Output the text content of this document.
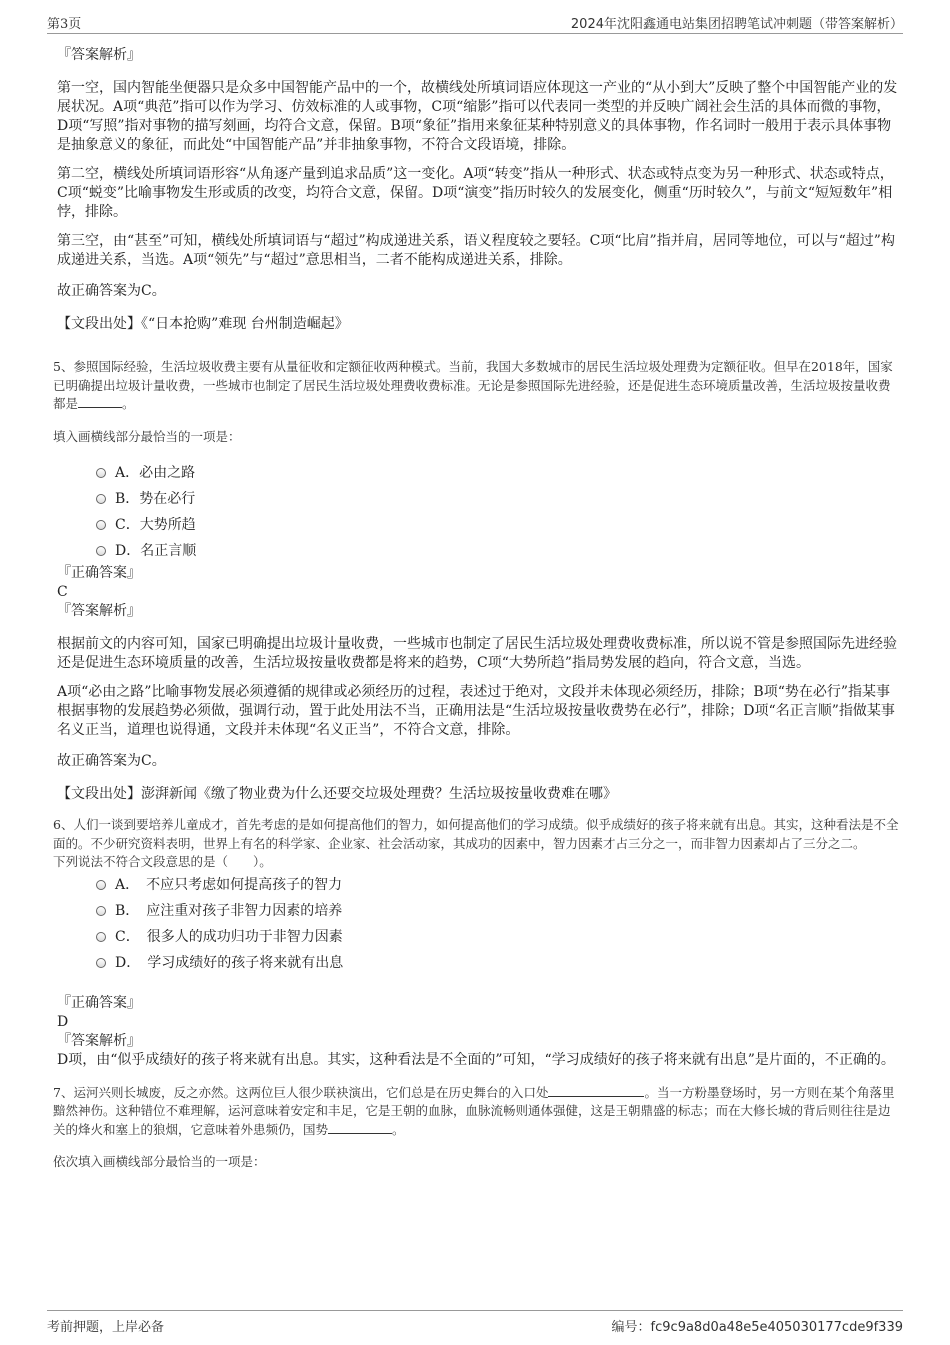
第3页	2024年沈阳鑫通电站集团招聘笔试冲刺题（带答案解析）

『答案解析』

第一空，国内智能坐便器只是众多中国智能产品中的一个，故横线处所填词语应体现这一产业的“从小到大”反映了整个中国智能产业的发展状况。A项“典范”指可以作为学习、仿效标准的人或事物，C项“缩影”指可以代表同一类型的并反映广阔社会生活的具体而微的事物，D项“写照”指对事物的描写刻画，均符合文意，保留。B项“象征”指用来象征某种特别意义的具体事物，作名词时一般用于表示具体事物是抽象意义的象征，而此处“中国智能产品”并非抽象事物，不符合文段语境，排除。

第二空，横线处所填词语形容“从角逐产量到追求品质”这一变化。A项“转变”指从一种形式、状态或特点变为另一种形式、状态或特点，C项“蜕变”比喻事物发生形或质的改变，均符合文意，保留。D项“演变”指历时较久的发展变化，侧重“历时较久”，与前文“短短数年”相悖，排除。

第三空，由“甚至”可知，横线处所填词语与“超过”构成递进关系，语义程度较之要轻。C项“比肩”指并肩，居同等地位，可以与“超过”构成递进关系，当选。A项“领先”与“超过”意思相当，二者不能构成递进关系，排除。

故正确答案为C。

【文段出处】《“日本抢购”难现 台州制造崛起》

5、参照国际经验，生活垃圾收费主要有从量征收和定额征收两种模式。当前，我国大多数城市的居民生活垃圾处理费为定额征收。但早在2018年，国家已明确提出垃圾计量收费，一些城市也制定了居民生活垃圾处理费收费标准。无论是参照国际先进经验，还是促进生态环境质量改善，生活垃圾按量收费都是	。

填入画横线部分最恰当的一项是：

A．必由之路
B．势在必行
C．大势所趋
D．名正言顺

『正确答案』

C

『答案解析』

根据前文的内容可知，国家已明确提出垃圾计量收费，一些城市也制定了居民生活垃圾处理费收费标准，所以说不管是参照国际先进经验还是促进生态环境质量的改善，生活垃圾按量收费都是将来的趋势，C项“大势所趋”指局势发展的趋向，符合文意，当选。

A项“必由之路”比喻事物发展必须遵循的规律或必须经历的过程，表述过于绝对，文段并未体现必须经历，排除；B项“势在必行”指某事根据事物的发展趋势必须做，强调行动，置于此处用法不当，正确用法是“生活垃圾按量收费势在必行”，排除；D项“名正言顺”指做某事名义正当，道理也说得通，文段并未体现“名义正当”，不符合文意，排除。

故正确答案为C。

【文段出处】澎湃新闻《缴了物业费为什么还要交垃圾处理费？生活垃圾按量收费难在哪》

6、人们一谈到要培养儿童成才，首先考虑的是如何提高他们的智力，如何提高他们的学习成绩。似乎成绩好的孩子将来就有出息。其实，这种看法是不全面的。不少研究资料表明，世界上有名的科学家、企业家、社会活动家，其成功的因素中，智力因素才占三分之一，而非智力因素却占了三分之二。

下列说法不符合文段意思的是（　　）。

A．　不应只考虑如何提高孩子的智力
B．　应注重对孩子非智力因素的培养
C．　很多人的成功归功于非智力因素
D．　学习成绩好的孩子将来就有出息

『正确答案』

D

『答案解析』

D项，由“似乎成绩好的孩子将来就有出息。其实，这种看法是不全面的”可知，“学习成绩好的孩子将来就有出息”是片面的，不正确的。

7、运河兴则长城废，反之亦然。这两位巨人很少联袂演出，它们总是在历史舞台的入口处	。当一方粉墨登场时，另一方则在某个角落里黯然神伤。这种错位不难理解，运河意味着安定和丰足，它是王朝的血脉，血脉流畅则通体强健，这是王朝鼎盛的标志；而在大修长城的背后则往往是边关的烽火和塞上的狼烟，它意味着外患频仍，国势	。

依次填入画横线部分最恰当的一项是：

考前押题，上岸必备	编号：fc9c9a8d0a48e5e405030177cde9f339
